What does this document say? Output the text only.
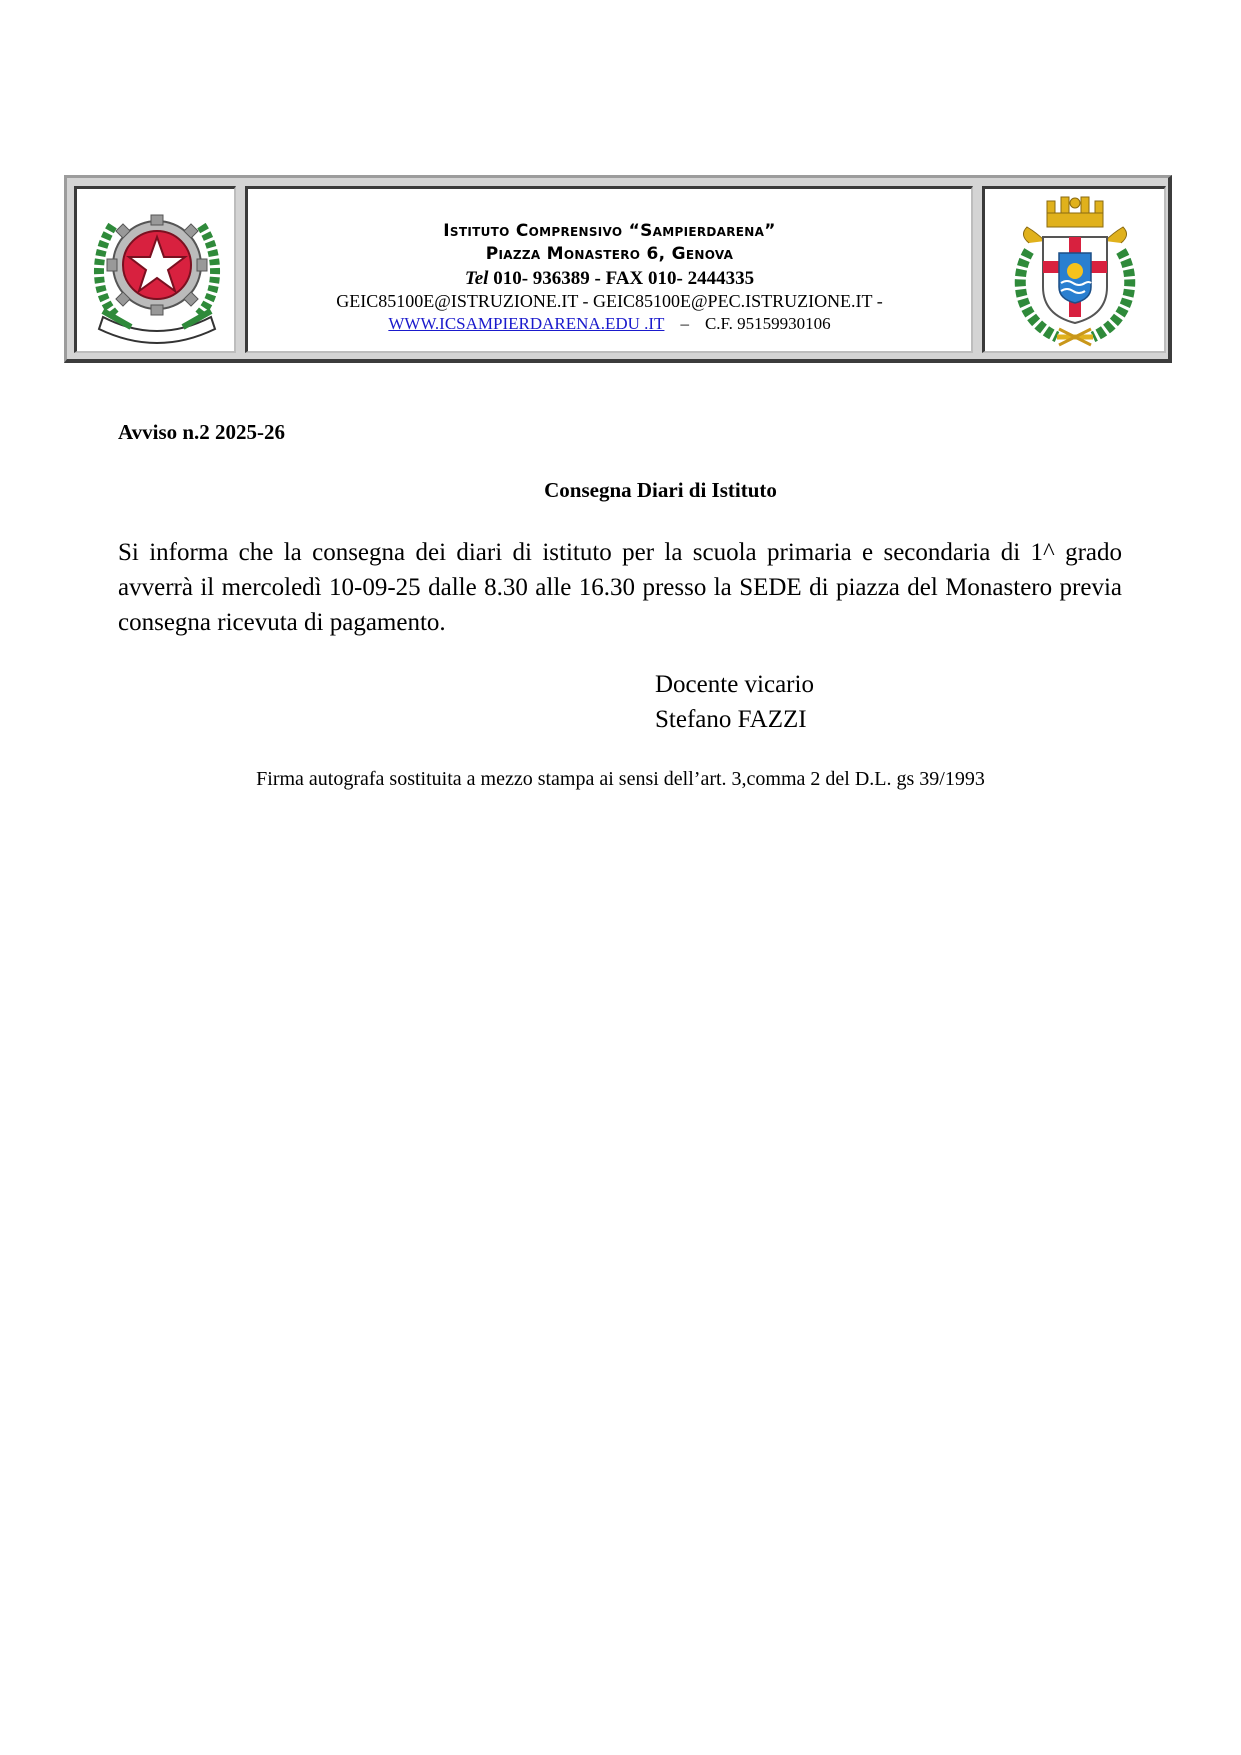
Istituto Comprensivo “Sampierdarena”
Piazza Monastero 6, Genova
Tel 010- 936389 - FAX 010- 2444335
GEIC85100E@ISTRUZIONE.IT - GEIC85100E@PEC.ISTRUZIONE.IT -
WWW.ICSAMPIERDARENA.EDU .IT – C.F. 95159930106
Avviso n.2 2025-26
Consegna Diari di Istituto
Si informa che la consegna dei diari di istituto per la scuola primaria e secondaria di 1^ grado avverrà il mercoledì 10-09-25 dalle 8.30 alle 16.30 presso la SEDE di piazza del Monastero previa consegna ricevuta di pagamento.
Docente vicario
Stefano FAZZI
Firma autografa sostituita a mezzo stampa ai sensi dell’art. 3,comma 2 del D.L. gs 39/1993
